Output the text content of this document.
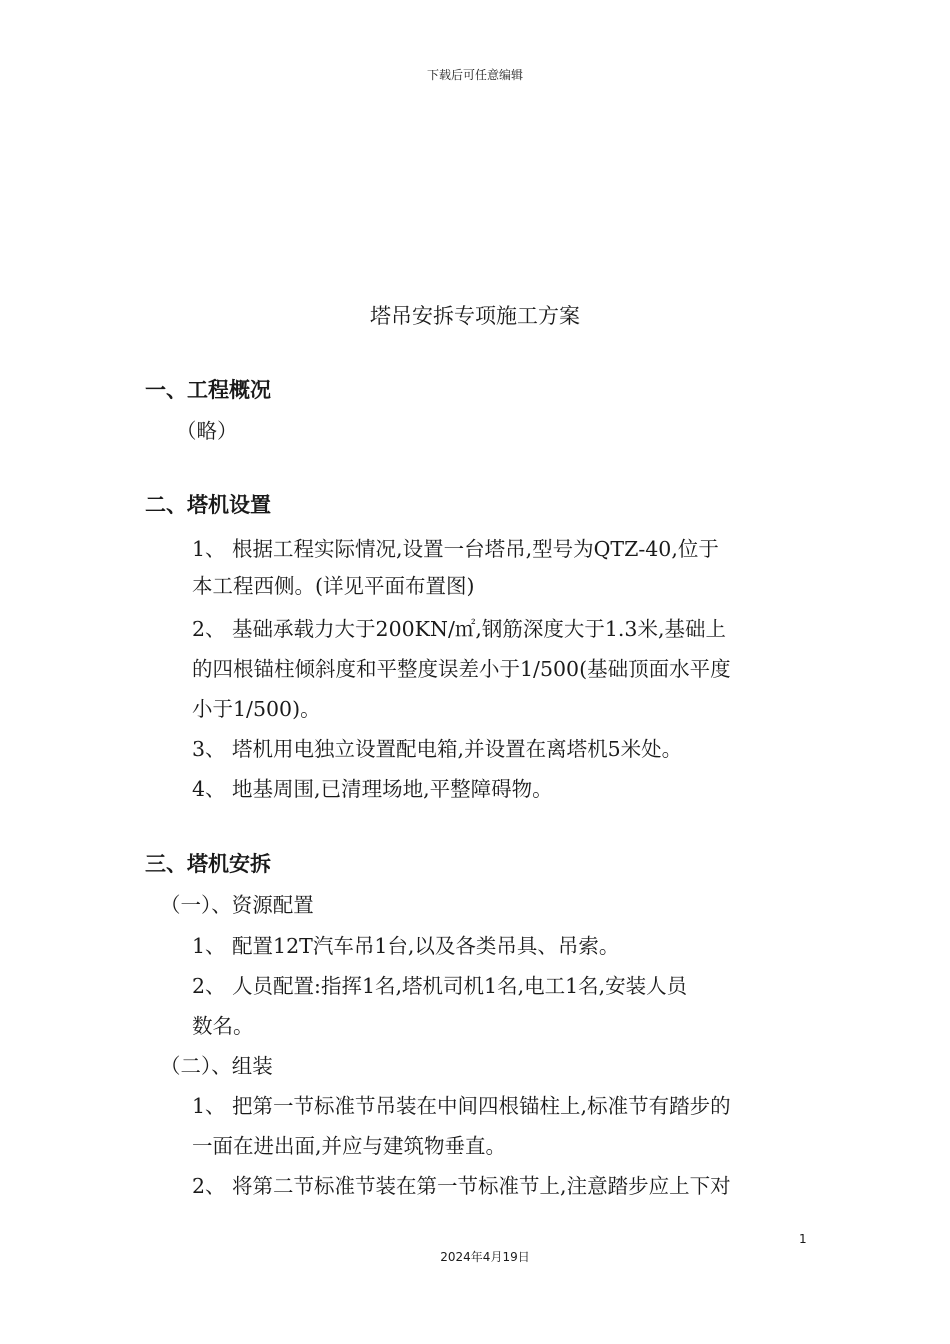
下载后可任意编辑
塔吊安拆专项施工方案
一、工程概况
（略）
二、塔机设置
1、 根据工程实际情况,设置一台塔吊,型号为QTZ-40,位于
本工程西侧。(详见平面布置图)
2、 基础承载力大于200KN/㎡,钢筋深度大于1.3米,基础上
的四根锚柱倾斜度和平整度误差小于1/500(基础顶面水平度
小于1/500)。
3、 塔机用电独立设置配电箱,并设置在离塔机5米处。
4、 地基周围,已清理场地,平整障碍物。
三、塔机安拆
（一）、资源配置
1、 配置12T汽车吊1台,以及各类吊具、吊索。
2、 人员配置:指挥1名,塔机司机1名,电工1名,安装人员
数名。
（二）、组装
1、 把第一节标准节吊装在中间四根锚柱上,标准节有踏步的
一面在进出面,并应与建筑物垂直。
2、 将第二节标准节装在第一节标准节上,注意踏步应上下对
1
2024年4月19日
